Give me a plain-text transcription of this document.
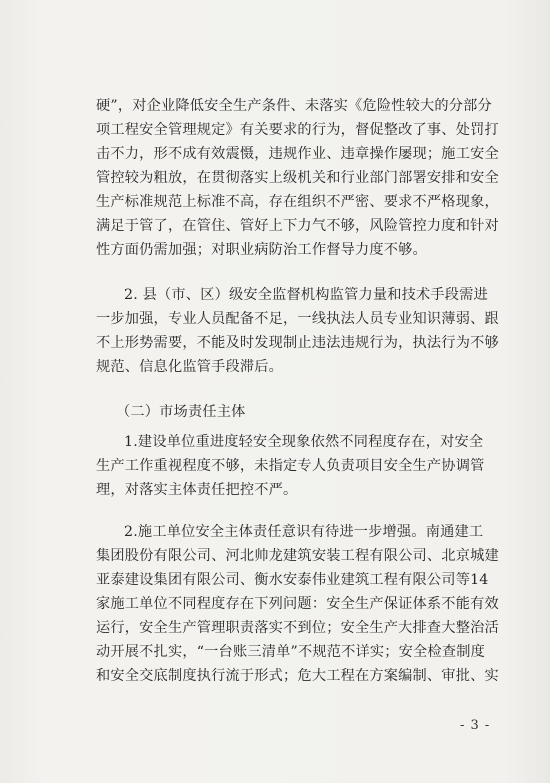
硬”，对企业降低安全生产条件、未落实《危险性较大的分部分
项工程安全管理规定》有关要求的行为，督促整改了事、处罚打
击不力，形不成有效震慑，违规作业、违章操作屡现；施工安全
管控较为粗放，在贯彻落实上级机关和行业部门部署安排和安全
生产标准规范上标准不高，存在组织不严密、要求不严格现象，
满足于管了，在管住、管好上下力气不够，风险管控力度和针对
性方面仍需加强；对职业病防治工作督导力度不够。
2. 县（市、区）级安全监督机构监管力量和技术手段需进
一步加强，专业人员配备不足，一线执法人员专业知识薄弱、跟
不上形势需要，不能及时发现制止违法违规行为，执法行为不够
规范、信息化监管手段滞后。
（二）市场责任主体
1.建设单位重进度轻安全现象依然不同程度存在，对安全
生产工作重视程度不够，未指定专人负责项目安全生产协调管
理，对落实主体责任把控不严。
2.施工单位安全主体责任意识有待进一步增强。南通建工
集团股份有限公司、河北帅龙建筑安装工程有限公司、北京城建
亚泰建设集团有限公司、衡水安泰伟业建筑工程有限公司等14
家施工单位不同程度存在下列问题：安全生产保证体系不能有效
运行，安全生产管理职责落实不到位；安全生产大排查大整治活
动开展不扎实，“一台账三清单”不规范不详实；安全检查制度
和安全交底制度执行流于形式；危大工程在方案编制、审批、实
- 3 -
